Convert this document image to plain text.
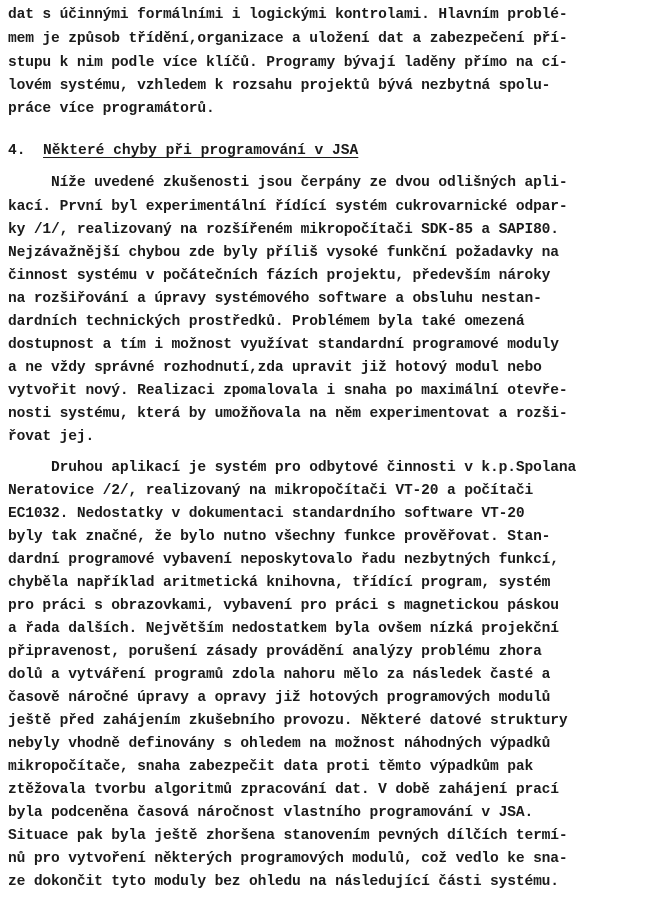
dat s účinnými formálními i logickými kontrolami. Hlavním problé-
mem je způsob třídění,organizace a uložení dat a zabezpečení pří-
stupu k nim podle více klíčů. Programy bývají laděny přímo na cí-
lovém systému, vzhledem k rozsahu projektů bývá nezbytná spolu-
práce více programátorů.
4. Některé chyby při programování v JSA
Níže uvedené zkušenosti jsou čerpány ze dvou odlišných apli-
kací. První byl experimentální řídící systém cukrovarnické odpar-
ky /1/, realizovaný na rozšířeném mikropočítači SDK-85 a SAPI80.
Nejzávažnější chybou zde byly příliš vysoké funkční požadavky na
činnost systému v počátečních fázích projektu, především nároky
na rozšiřování a úpravy systémového software a obsluhu nestan-
dardních technických prostředků. Problémem byla také omezená
dostupnost a tím i možnost využívat standardní programové moduly
a ne vždy správné rozhodnutí,zda upravit již hotový modul nebo
vytvořit nový. Realizaci zpomalovala i snaha po maximální otevře-
nosti systému, která by umožňovala na něm experimentovat a rozši-
řovat jej.
Druhou aplikací je systém pro odbytové činnosti v k.p.Spolana
Neratovice /2/, realizovaný na mikropočítači VT-20 a počítači
EC1032. Nedostatky v dokumentaci standardního software VT-20
byly tak značné, že bylo nutno všechny funkce prověřovat. Stan-
dardní programové vybavení neposkytovalo řadu nezbytných funkcí,
chyběla například aritmetická knihovna, třídící program, systém
pro práci s obrazovkami, vybavení pro práci s magnetickou páskou
a řada dalších. Největším nedostatkem byla ovšem nízká projekční
připravenost, porušení zásady provádění analýzy problému zhora
dolů a vytváření programů zdola nahoru mělo za následek časté a
časově náročné úpravy a opravy již hotových programových modulů
ještě před zahájením zkušebního provozu. Některé datové struktury
nebyly vhodně definovány s ohledem na možnost náhodných výpadků
mikropočítače, snaha zabezpečit data proti těmto výpadkům pak
ztěžovala tvorbu algoritmů zpracování dat. V době zahájení prací
byla podceněna časová náročnost vlastního programování v JSA.
Situace pak byla ještě zhoršena stanovením pevných dílčích termí-
nů pro vytvoření některých programových modulů, což vedlo ke sna-
ze dokončit tyto moduly bez ohledu na následující části systému.
